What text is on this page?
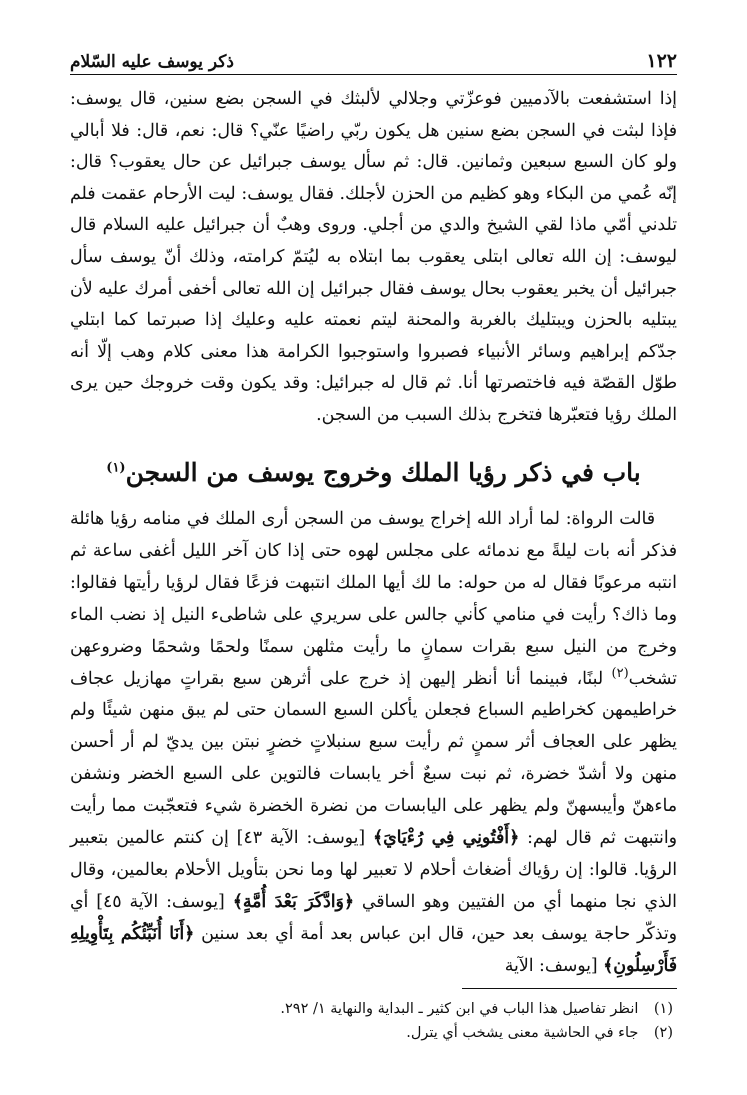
١٢٢
ذكر يوسف عليه السّلام

إذا استشفعت بالآدميين فوعزّتي وجلالي لألبثك في السجن بضع سنين، قال يوسف: فإذا لبثت في السجن بضع سنين هل يكون ربّي راضيًا عنّي؟ قال: نعم، قال: فلا أبالي ولو كان السبع سبعين وثمانين. قال: ثم سأل يوسف جبرائيل عن حال يعقوب؟ قال: إنّه عُمي من البكاء وهو كظيم من الحزن لأجلك. فقال يوسف: ليت الأرحام عقمت فلم تلدني أمّي ماذا لقي الشيخ والدي من أجلي. وروى وهبٌ أن جبرائيل عليه السلام قال ليوسف: إن الله تعالى ابتلى يعقوب بما ابتلاه به ليُتمّ كرامته، وذلك أنّ يوسف سأل جبرائيل أن يخبر يعقوب بحال يوسف فقال جبرائيل إن الله تعالى أخفى أمرك عليه لأن يبتليه بالحزن ويبتليك بالغربة والمحنة ليتم نعمته عليه وعليك إذا صبرتما كما ابتلي جدّكم إبراهيم وسائر الأنبياء فصبروا واستوجبوا الكرامة هذا معنى كلام وهب إلّا أنه طوّل القصّة فيه فاختصرتها أنا. ثم قال له جبرائيل: وقد يكون وقت خروجك حين يرى الملك رؤيا فتعبّرها فتخرج بذلك السبب من السجن.

باب في ذكر رؤيا الملك وخروج يوسف من السجن$^{(١)}$

قالت الرواة: لما أراد الله إخراج يوسف من السجن أرى الملك في منامه رؤيا هائلة فذكر أنه بات ليلةً مع ندمائه على مجلس لهوه حتى إذا كان آخر الليل أغفى ساعة ثم انتبه مرعوبًا فقال له من حوله: ما لك أيها الملك انتبهت فزعًا فقال لرؤيا رأيتها فقالوا: وما ذاك؟ رأيت في منامي كأني جالس على سريري على شاطىء النيل إذ نضب الماء وخرج من النيل سبع بقرات سمانٍ ما رأيت مثلهن سمنًا ولحمًا وشحمًا وضروعهن تشخب$^{(٢)}$ لبنًا، فبينما أنا أنظر إليهن إذ خرج على أثرهن سبع بقراتٍ مهازيل عجاف خراطيمهن كخراطيم السباع فجعلن يأكلن السبع السمان حتى لم يبق منهن شيئًا ولم يظهر على العجاف أثر سمنٍ ثم رأيت سبع سنبلاتٍ خضرٍ نبتن بين يديّ لم أر أحسن منهن ولا أشدّ خضرة، ثم نبت سبعٌ أخر يابسات فالتوين على السبع الخضر ونشفن ماءهنّ وأيبسهنّ ولم يظهر على اليابسات من نضرة الخضرة شيء فتعجّبت مما رأيت وانتبهت ثم قال لهم: ﴿أَفْتُونِي فِي رُءْيَايَ﴾ [يوسف: الآية ٤٣] إن كنتم عالمين بتعبير الرؤيا. قالوا: إن رؤياك أضغاث أحلام لا تعبير لها وما نحن بتأويل الأحلام بعالمين، وقال الذي نجا منهما أي من الفتيين وهو الساقي ﴿وَادَّكَرَ بَعْدَ أُمَّةٍ﴾ [يوسف: الآية ٤٥] أي وتذكّر حاجة يوسف بعد حين، قال ابن عباس بعد أمة أي بعد سنين ﴿أَنَا أُنَبِّئُكُم بِتَأْوِيلِهِ فَأَرْسِلُونِ﴾ [يوسف: الآية

(١) انظر تفاصيل هذا الباب في ابن كثير ـ البداية والنهاية ١/ ٢٩٢.
(٢) جاء في الحاشية معنى يشخب أي يترل.
